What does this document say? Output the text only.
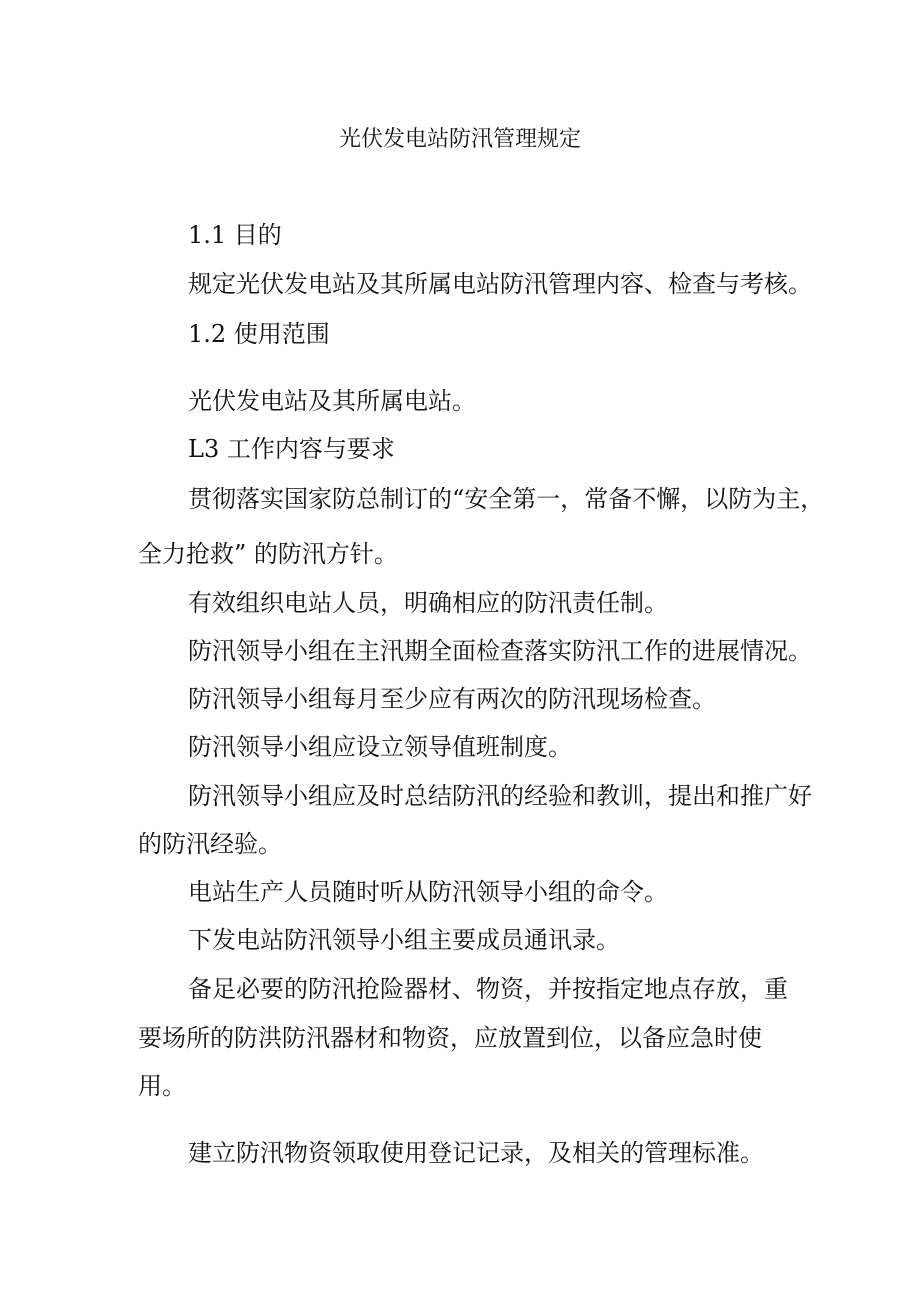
光伏发电站防汛管理规定
1.1 目的
规定光伏发电站及其所属电站防汛管理内容、检查与考核。
1.2 使用范围
光伏发电站及其所属电站。
L3 工作内容与要求
贯彻落实国家防总制订的“安全第一，常备不懈，以防为主，
全力抢救” 的防汛方针。
有效组织电站人员，明确相应的防汛责任制。
防汛领导小组在主汛期全面检查落实防汛工作的进展情况。
防汛领导小组每月至少应有两次的防汛现场检查。
防汛领导小组应设立领导值班制度。
防汛领导小组应及时总结防汛的经验和教训，提出和推广好
的防汛经验。
电站生产人员随时听从防汛领导小组的命令。
下发电站防汛领导小组主要成员通讯录。
备足必要的防汛抢险器材、物资，并按指定地点存放，重
要场所的防洪防汛器材和物资，应放置到位，以备应急时使
用。
建立防汛物资领取使用登记记录，及相关的管理标准。
